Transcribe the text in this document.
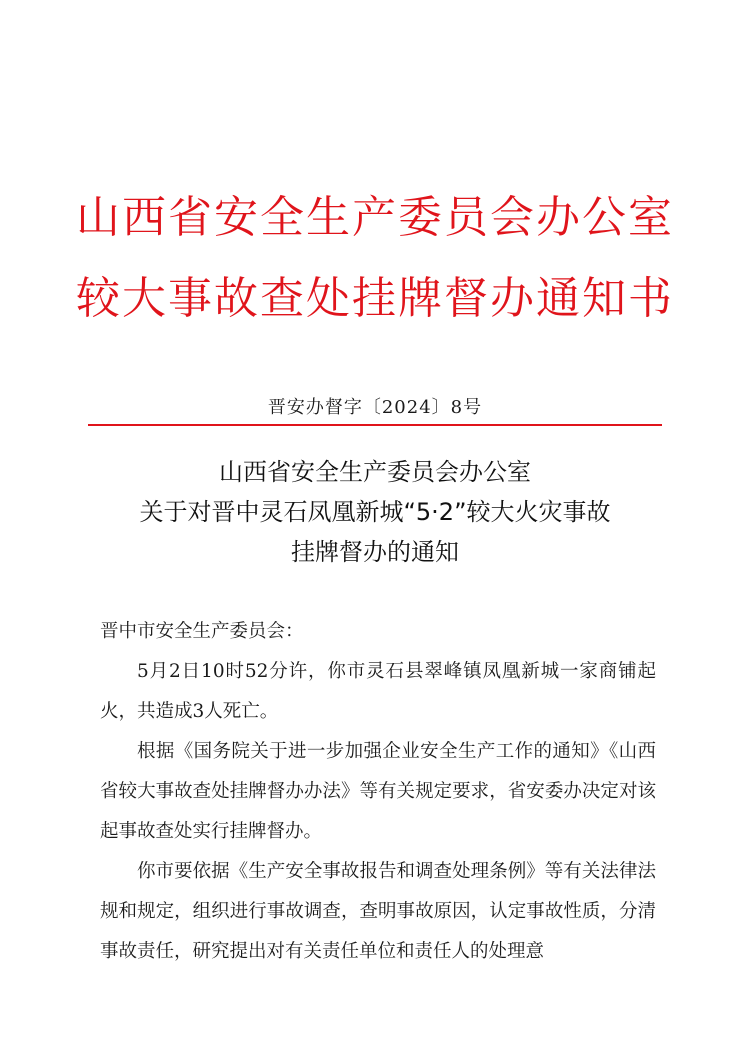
山西省安全生产委员会办公室
较大事故查处挂牌督办通知书
晋安办督字〔2024〕8号
山西省安全生产委员会办公室
关于对晋中灵石凤凰新城“5·2”较大火灾事故
挂牌督办的通知
晋中市安全生产委员会：
5月2日10时52分许，你市灵石县翠峰镇凤凰新城一家商铺起火，共造成3人死亡。
根据《国务院关于进一步加强企业安全生产工作的通知》《山西省较大事故查处挂牌督办办法》等有关规定要求，省安委办决定对该起事故查处实行挂牌督办。
你市要依据《生产安全事故报告和调查处理条例》等有关法律法规和规定，组织进行事故调查，查明事故原因，认定事故性质，分清事故责任，研究提出对有关责任单位和责任人的处理意
